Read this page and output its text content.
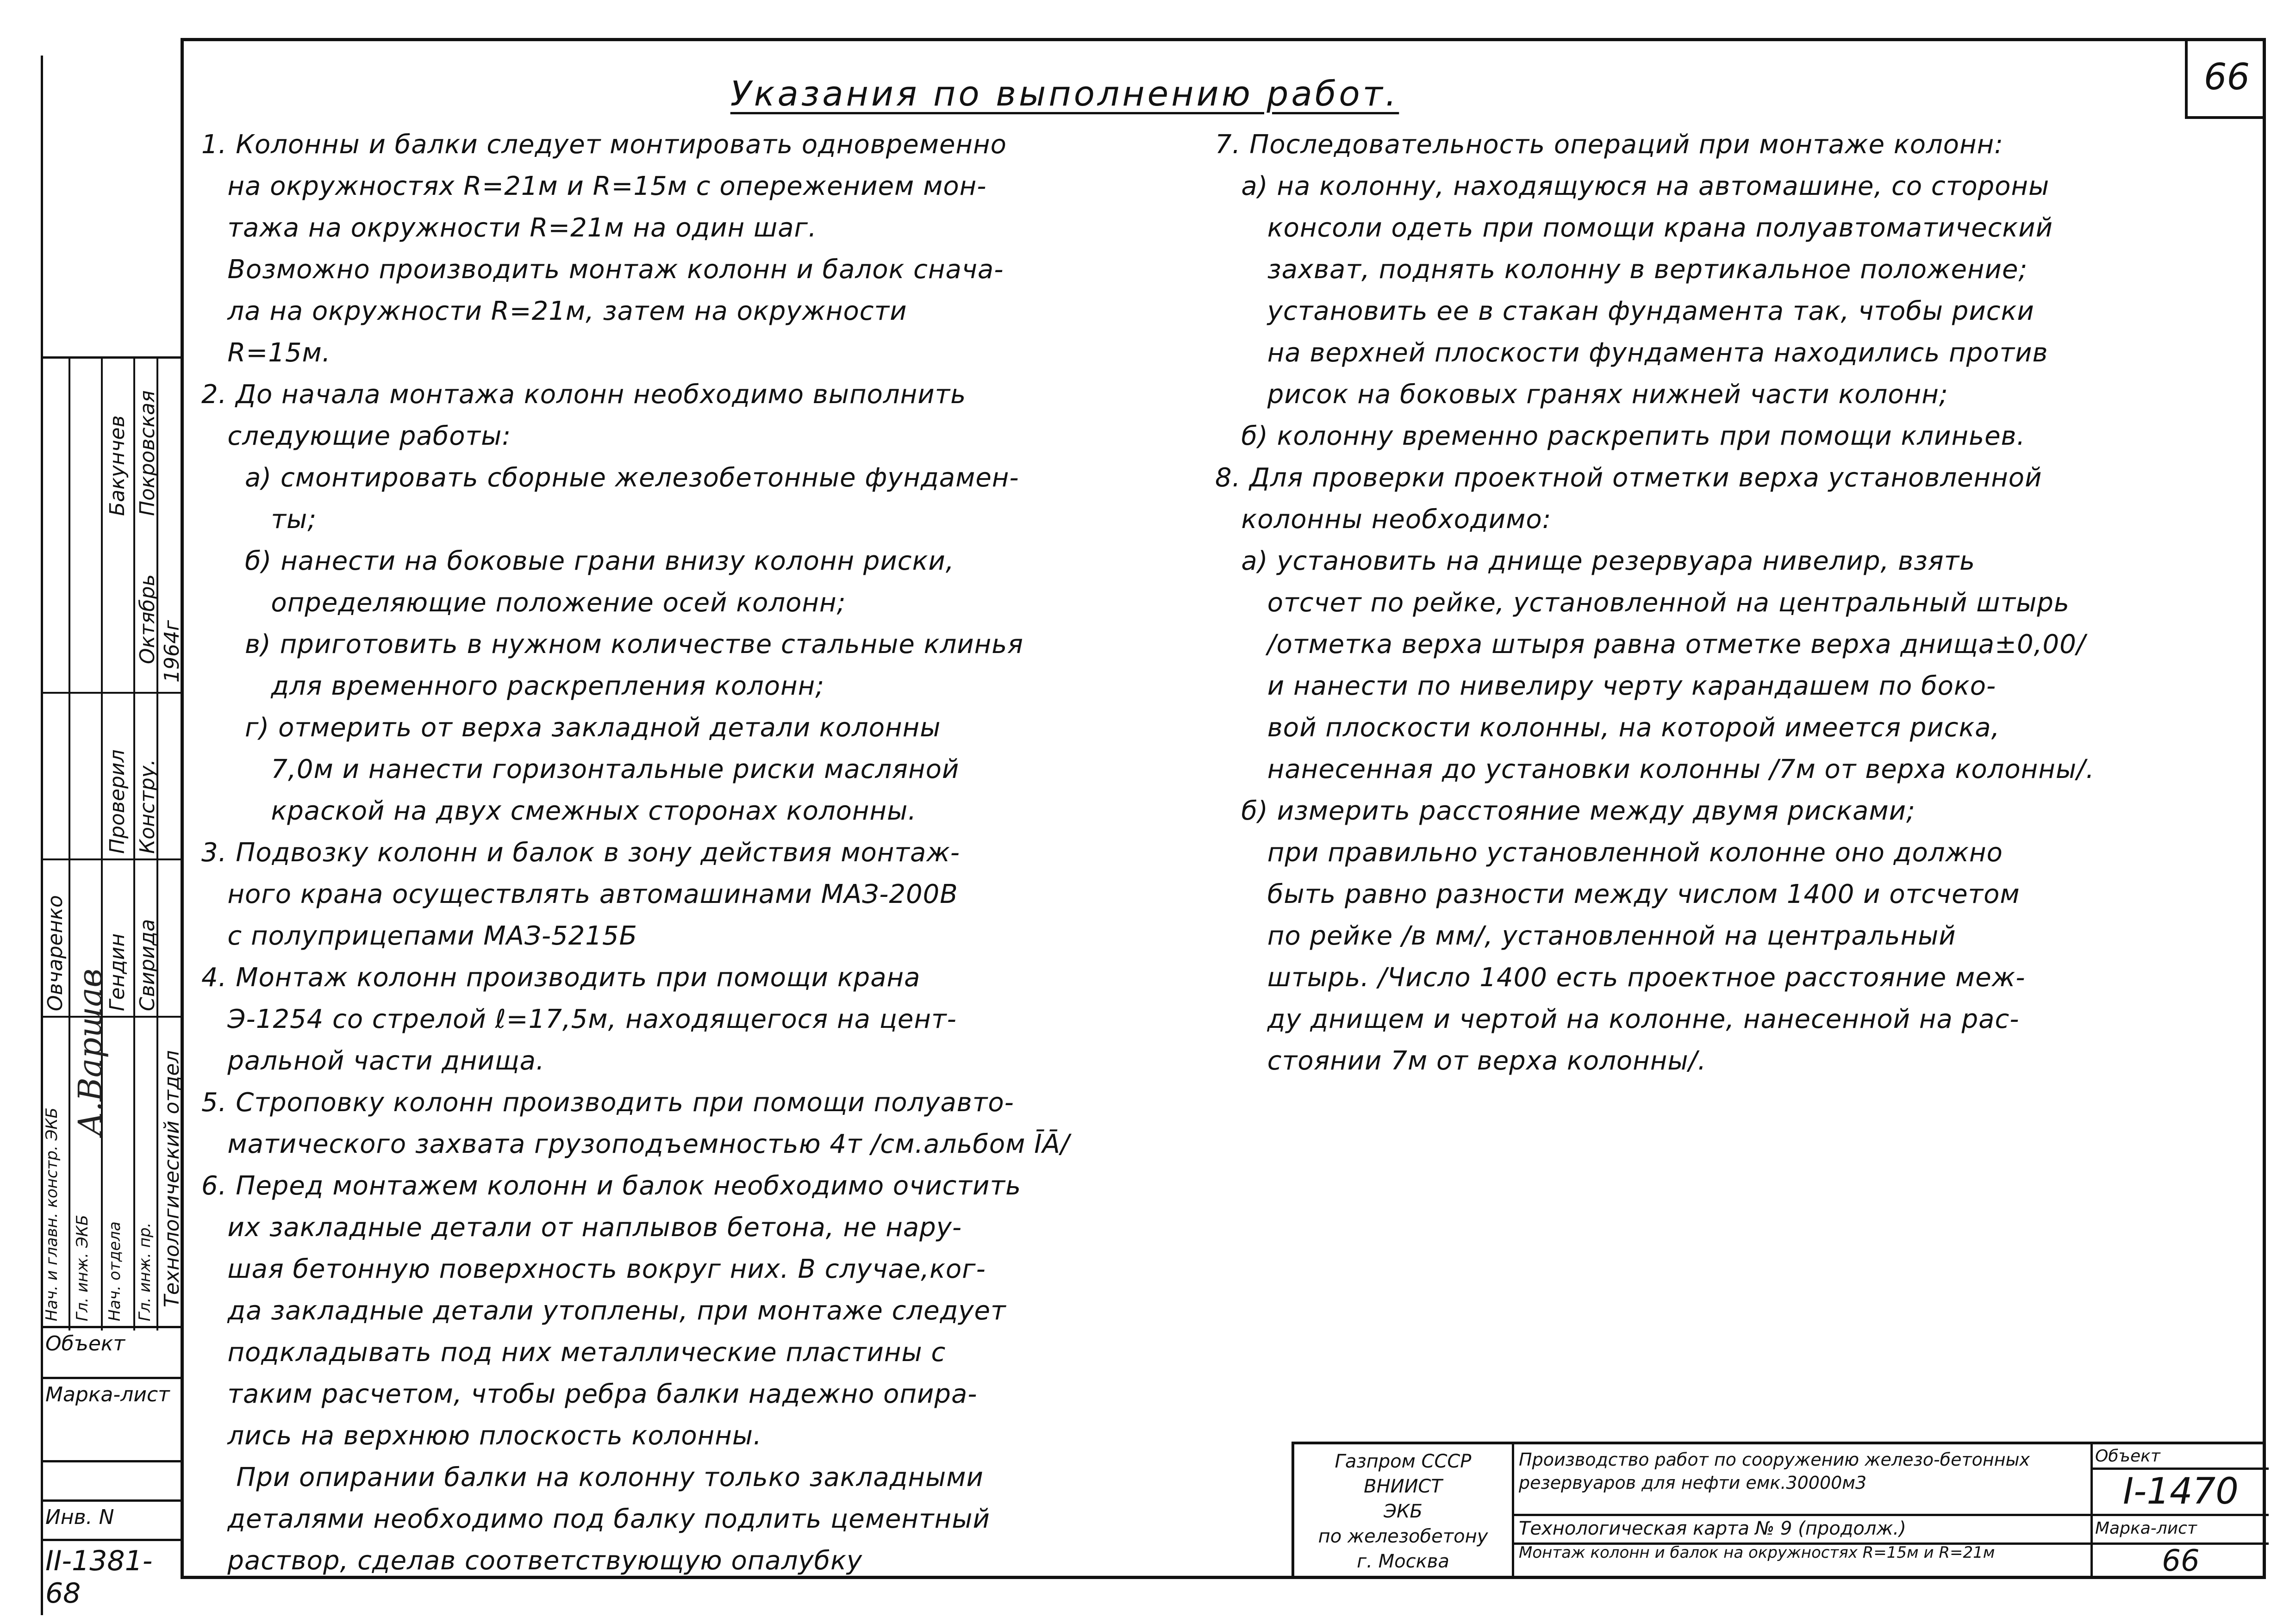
66
Указания по выполнению работ.

1. Колонны и балки следует монтировать одновременно

на окружностях R=21м и R=15м с опережением мон-

тажа на окружности R=21м на один шаг.

Возможно производить монтаж колонн и балок снача-

ла на окружности R=21м, затем на окружности

R=15м.

2. До начала монтажа колонн необходимо выполнить

следующие работы:

а) смонтировать сборные железобетонные фундамен-

ты;

б) нанести на боковые грани внизу колонн риски,

определяющие положение осей колонн;

в) приготовить в нужном количестве стальные клинья

для временного раскрепления колонн;

г) отмерить от верха закладной детали колонны

7,0м и нанести горизонтальные риски масляной

краской на двух смежных сторонах колонны.

3. Подвозку колонн и балок в зону действия монтаж-

ного крана осуществлять автомашинами МАЗ-200В

с полуприцепами МАЗ-5215Б

4. Монтаж колонн производить при помощи крана

Э-1254 со стрелой ℓ=17,5м, находящегося на цент-

ральной части днища.

5. Строповку колонн производить при помощи полуавто-

матического захвата грузоподъемностью 4т /см.альбом ĪĀ/

6. Перед монтажем колонн и балок необходимо очистить

их закладные детали от наплывов бетона, не нару-

шая бетонную поверхность вокруг них. В случае,ког-

да закладные детали утоплены, при монтаже следует

подкладывать под них металлические пластины с

таким расчетом, чтобы ребра балки надежно опира-

лись на верхнюю плоскость колонны.

При опирании балки на колонну только закладными

деталями необходимо под балку подлить цементный

раствор, сделав соответствующую опалубку

7. Последовательность операций при монтаже колонн:

а) на колонну, находящуюся на автомашине, со стороны

консоли одеть при помощи крана полуавтоматический

захват, поднять колонну в вертикальное положение;

установить ее в стакан фундамента так, чтобы риски

на верхней плоскости фундамента находились против

рисок на боковых гранях нижней части колонн;

б) колонну временно раскрепить при помощи клиньев.

8. Для проверки проектной отметки верха установленной

колонны необходимо:

а) установить на днище резервуара нивелир, взять

отсчет по рейке, установленной на центральный штырь

/отметка верха штыря равна отметке верха днища±0,00/

и нанести по нивелиру черту карандашем по боко-

вой плоскости колонны, на которой имеется риска,

нанесенная до установки колонны /7м от верха колонны/.

б) измерить расстояние между двумя рисками;

при правильно установленной колонне оно должно

быть равно разности между числом 1400 и отсчетом

по рейке /в мм/, установленной на центральный

штырь. /Число 1400 есть проектное расстояние меж-

ду днищем и чертой на колонне, нанесенной на рас-

стоянии 7м от верха колонны/.

Нач. и главн. констр. ЭКБ Гл. инж. ЭКБ Нач. отдела Гл. инж. пр.
Овчаренко Гендин Свирида
Проверил Констру.
Бакунчев Покровская
Октябрь 1964г
Технологический отдел
А.Варшав
Объект
Марка-лист
Инв. N
II-1381-68
Газпром СССР
ВНИИСТ
ЭКБ
по железобетону
г. Москва
Производство работ по сооружению железо-бетонных резервуаров для нефти емк.30000м3
Технологическая карта № 9 (продолж.)
Монтаж колонн и балок на окружностях R=15м и R=21м
Объект
I-1470
Марка-лист
66
